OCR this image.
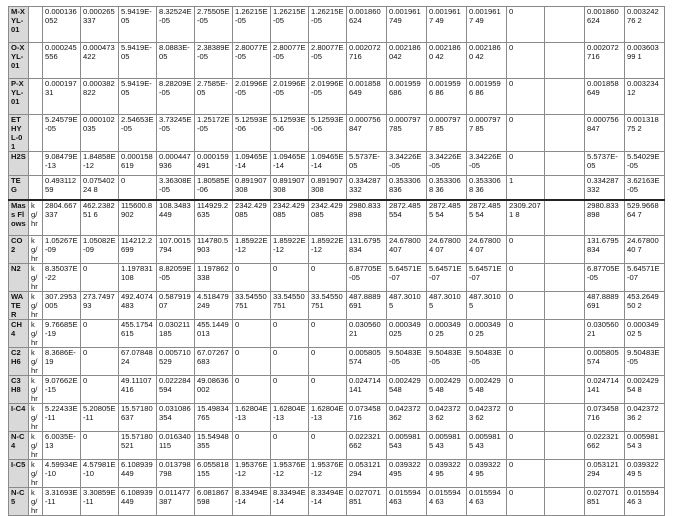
M-XYL-01		0.000136052	0.000265337	5.9419E-05	8.32524E-05	2.75505E-05	1.26215E-05	1.26215E-05	1.26215E-05	0.001860624	0.001961749	0.0019617 49	0.0019617 49	0		0.001860624	0.00324276 2
O-XYL-01		0.000245556	0.000473422	5.9419E-05	8.0883E-05	2.38389E-05	2.80077E-05	2.80077E-05	2.80077E-05	0.002072716	0.002186042	0.0021860 42	0.0021860 42	0		0.002072716	0.00360399 1
P-XYL-01		0.00019731	0.000382822	5.9419E-05	8.28209E-05	2.7585E-05	2.01996E-05	2.01996E-05	2.01996E-05	0.001858649	0.001959686	0.0019596 86	0.0019596 86	0		0.001858649	0.00323412
ETHYL-01		5.24579E-05	0.000102035	2.54653E-05	3.73245E-05	1.25172E-05	5.12593E-06	5.12593E-06	5.12593E-06	0.000756847	0.000797785	0.0007977 85	0.0007977 85	0		0.000756847	0.00131875 2
H2S		9.08479E-13	1.84858E-12	0.000158619	0.000447936	0.000159491	1.09465E-14	1.09465E-14	1.09465E-14	5.5737E-05	3.34226E-05	3.34226E-05	3.34226E-05	0		5.5737E-05	5.54029E-05
TEG		0.49311259	0.07540224 8	0	3.36308E-05	1.80585E-06	0.891907308	0.891907308	0.891907308	0.334287332	0.353306836	0.3533068 36	0.3533068 36	1		0.334287332	3.62163E-05
Mass Flows	kg/hr	2804.667337	462.238251 6	115600.8902	108.3483449	114929.2635	2342.429085	2342.429085	2342.429085	2980.833898	2872.485554	2872.4855 54	2872.4855 54	2309.2071 8		2980.833898	529.966864 7
CO2	kg/hr	1.05267E-09	1.05082E-09	114212.2699	107.0015794	114780.5903	1.85922E-12	1.85922E-12	1.85922E-12	131.6795834	24.67800407	24.678004 07	24.678004 07	0		131.6795834	24.6780040 7
N2	kg/hr	8.35037E-22	0	1.197831108	8.82059E-05	1.197862338	0	0	0	6.87705E-05	5.64571E-07	5.64571E-07	5.64571E-07	0		6.87705E-05	5.64571E-07
WATER	kg/hr	307.2953005	273.749793	492.4074483	0.587919 07	4.518479249	33.54550751	33.54550751	33.54550751	487.8889691	487.30105	487.30105	487.30105	0		487.8889691	453.264950 2
CH4	kg/hr	9.76685E-19	0	455.1754615	0.030211185	455.1449013	0	0	0	0.030560 21	0.000349025	0.0003490 25	0.0003490 25	0		0.030560 21	0.00034902 5
C2H6	kg/hr	8.3686E-19	0	67.07848 24	0.005710529	67.07267683	0	0	0	0.005805574	9.50483E-05	9.50483E-05	9.50483E-05	0		0.005805574	9.50483E-05
C3H8	kg/hr	9.07662E-15	0	49.11107416	0.022284594	49.08636 002	0	0	0	0.024714141	0.002429548	0.0024295 48	0.0024295 48	0		0.024714141	0.00242954 8
I-C4	kg/hr	5.22433E-11	5.20805E-11	15.57180637	0.031086354	15.49834765	1.62804E-13	1.62804E-13	1.62804E-13	0.073458716	0.042372362	0.0423723 62	0.0423723 62	0		0.073458716	0.04237236 2
N-C4	kg/hr	6.0035E-13	0	15.57180521	0.016340115	15.54948355	0	0	0	0.022321662	0.005981543	0.0059815 43	0.0059815 43	0		0.022321662	0.00598154 3
I-C5	kg/hr	4.59934E-10	4.57981E-10	6.108939449	0.013798798	6.055818155	1.95376E-12	1.95376E-12	1.95376E-12	0.053121294	0.039322495	0.0393224 95	0.0393224 95	0		0.053121294	0.03932249 5
N-C5	kg/hr	3.31693E-11	3.30859E-11	6.108939449	0.011477387	6.081867598	8.33494E-14	8.33494E-14	8.33494E-14	0.027071851	0.015594463	0.0155944 63	0.0155944 63	0		0.027071851	0.01559446 3
